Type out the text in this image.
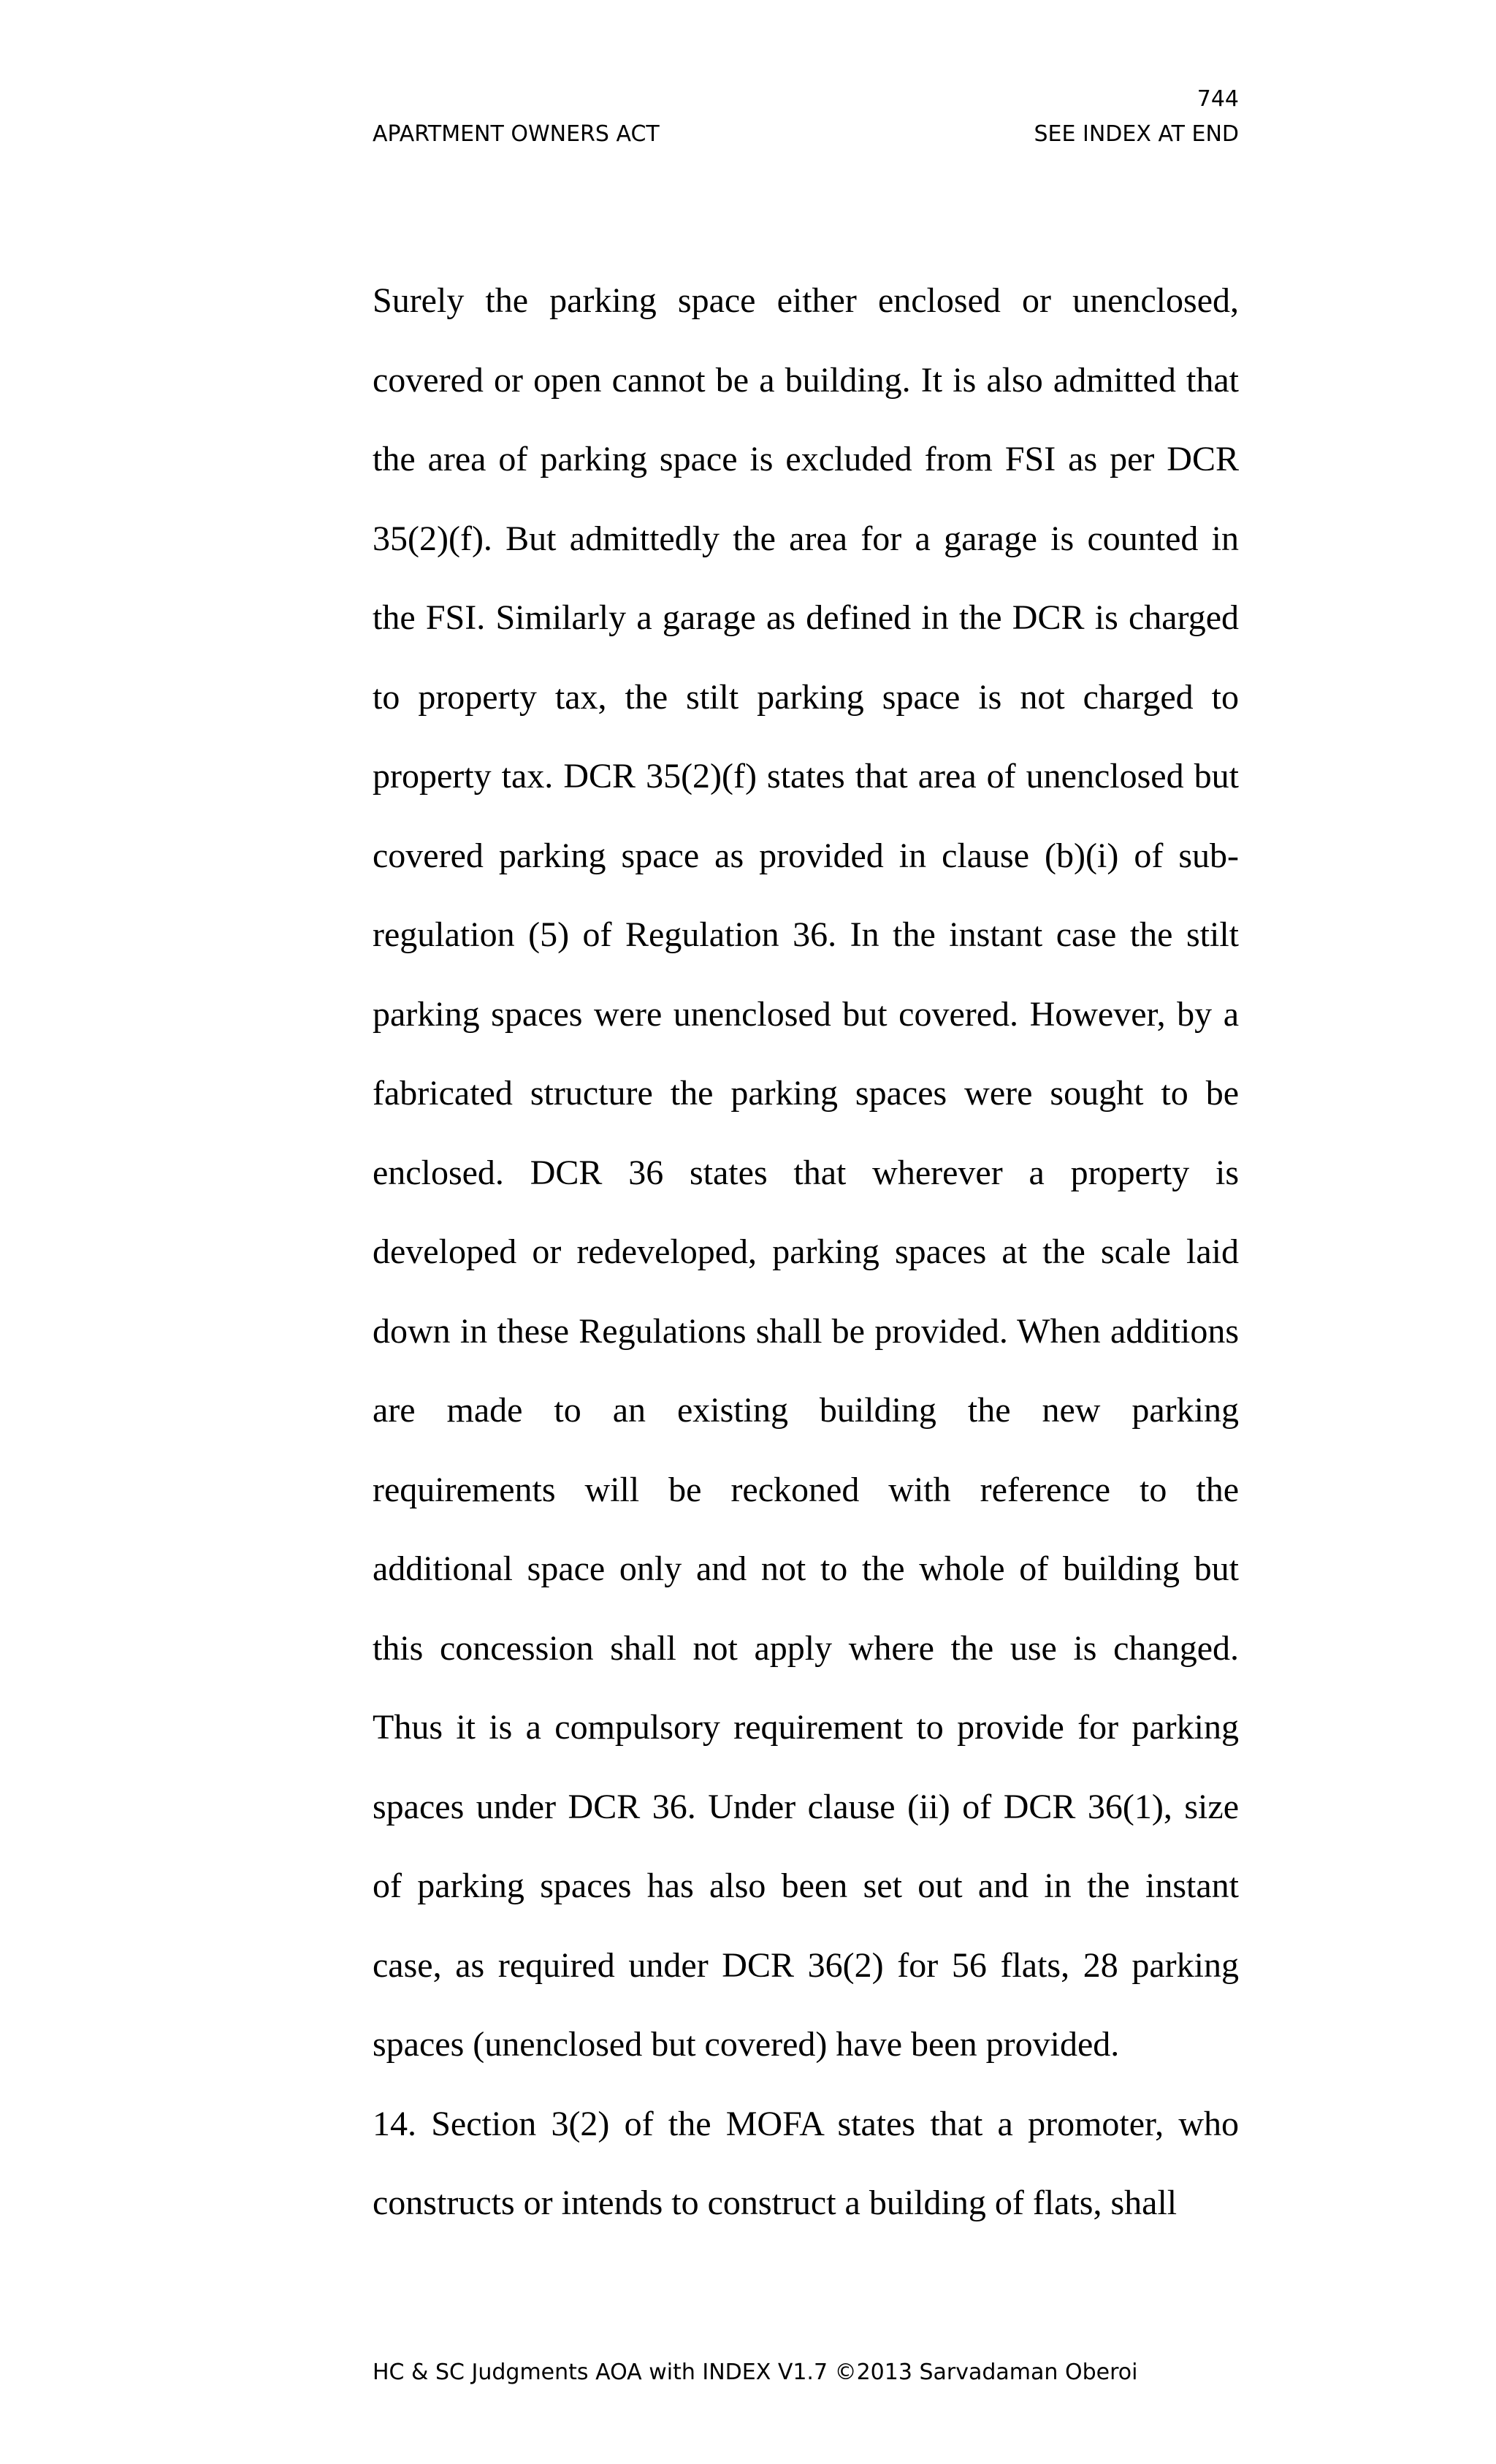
744
APARTMENT OWNERS ACT	SEE INDEX AT END

Surely the parking space either enclosed or unenclosed, covered or open cannot be a building. It is also admitted that the area of parking space is excluded from FSI as per DCR 35(2)(f). But admittedly the area for a garage is counted in the FSI. Similarly a garage as defined in the DCR is charged to property tax, the stilt parking space is not charged to property tax. DCR 35(2)(f) states that area of unenclosed but covered parking space as provided in clause (b)(i) of sub-regulation (5) of Regulation 36. In the instant case the stilt parking spaces were unenclosed but covered. However, by a fabricated structure the parking spaces were sought to be enclosed. DCR 36 states that wherever a property is developed or redeveloped, parking spaces at the scale laid down in these Regulations shall be provided. When additions are made to an existing building the new parking requirements will be reckoned with reference to the additional space only and not to the whole of building but this concession shall not apply where the use is changed. Thus it is a compulsory requirement to provide for parking spaces under DCR 36. Under clause (ii) of DCR 36(1), size of parking spaces has also been set out and in the instant case, as required under DCR 36(2) for 56 flats, 28 parking spaces (unenclosed but covered) have been provided.

14. Section 3(2) of the MOFA states that a promoter, who constructs or intends to construct a building of flats, shall

HC & SC Judgments AOA with INDEX V1.7 ©2013 Sarvadaman Oberoi
